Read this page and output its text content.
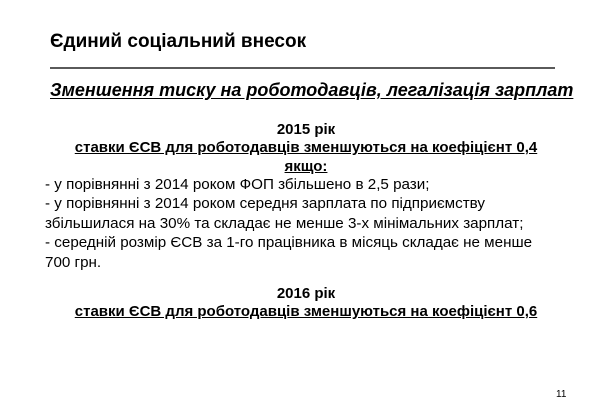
Єдиний соціальний внесок
Зменшення тиску на роботодавців, легалізація зарплат
2015 рік
ставки ЄСВ для роботодавців зменшуються на коефіцієнт 0,4
якщо:
- у порівнянні з 2014 роком ФОП збільшено в 2,5 рази;
- у порівнянні з 2014 роком середня зарплата по підприємству
збільшилася на 30% та складає не менше 3-х мінімальних зарплат;
- середній розмір ЄСВ за 1-го працівника в місяць складає не менше
700 грн.
2016 рік
ставки ЄСВ для роботодавців зменшуються на коефіцієнт 0,6
11
